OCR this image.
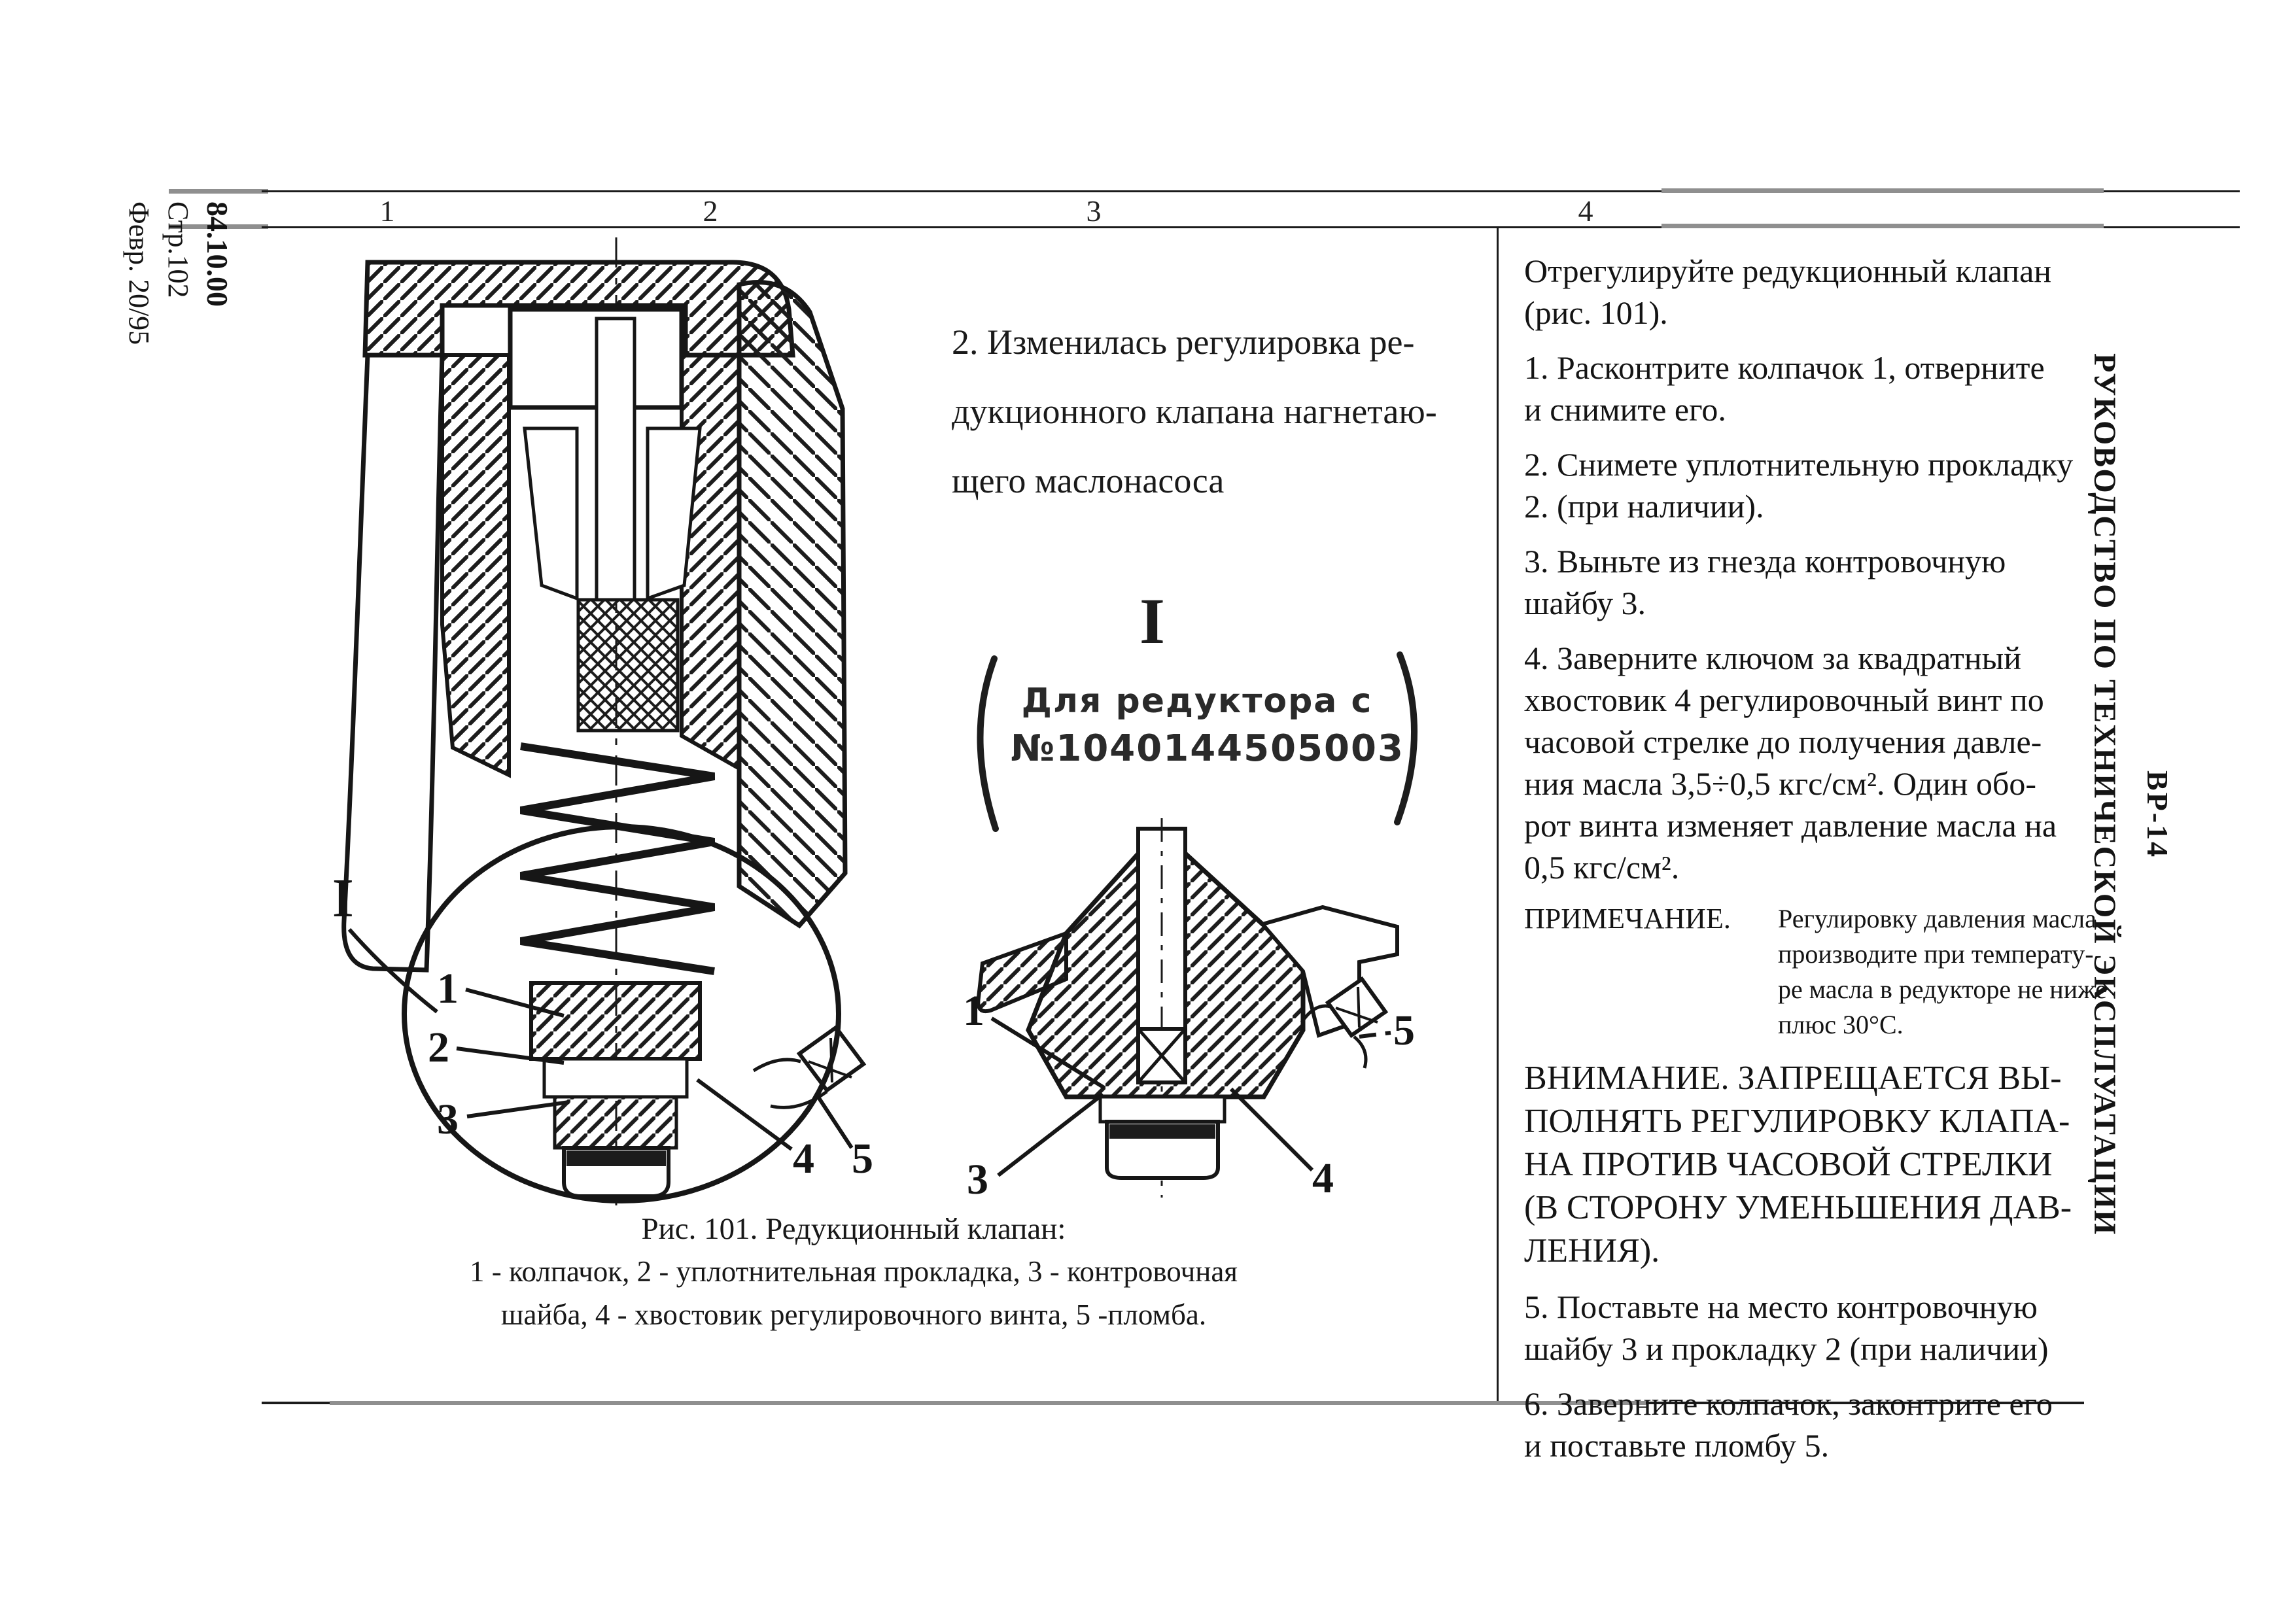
1	2	3	4
84.10.00
Стр.102
Февр. 20/95
РУКОВОДСТВО ПО ТЕХНИЧЕСКОЙ ЭКСПЛУАТАЦИИ ВР-14
2. Изменилась регулировка ре-
дукционного клапана нагнетаю-
щего маслонасоса
I
Для редуктора с
№1040144505003
I
1
2
3
4 5
1
3	4
5
Рис. 101. Редукционный клапан:
1 - колпачок, 2 - уплотнительная прокладка, 3 - контровочная
шайба, 4 - хвостовик регулировочного винта, 5 -пломба.
Отрегулируйте редукционный клапан
(рис. 101).
1. Расконтрите колпачок 1, отверните
и снимите его.
2. Снимете уплотнительную прокладку
2. (при наличии).
3. Выньте из гнезда контровочную
шайбу 3.
4. Заверните ключом за квадратный
хвостовик 4 регулировочный винт по
часовой стрелке до получения давле-
ния масла 3,5÷0,5 кгс/см². Один обо-
рот винта изменяет давление масла на
0,5 кгс/см².
ПРИМЕЧАНИЕ.	Регулировку давления масла
производите при температу-
ре масла в редукторе не ниже
плюс 30°С.
ВНИМАНИЕ. ЗАПРЕЩАЕТСЯ ВЫ-
ПОЛНЯТЬ РЕГУЛИРОВКУ КЛАПА-
НА ПРОТИВ ЧАСОВОЙ СТРЕЛКИ
(В СТОРОНУ УМЕНЬШЕНИЯ ДАВ-
ЛЕНИЯ).
5. Поставьте на место контровочную
шайбу 3 и прокладку 2 (при наличии)
6. Заверните колпачок, законтрите его
и поставьте пломбу 5.
